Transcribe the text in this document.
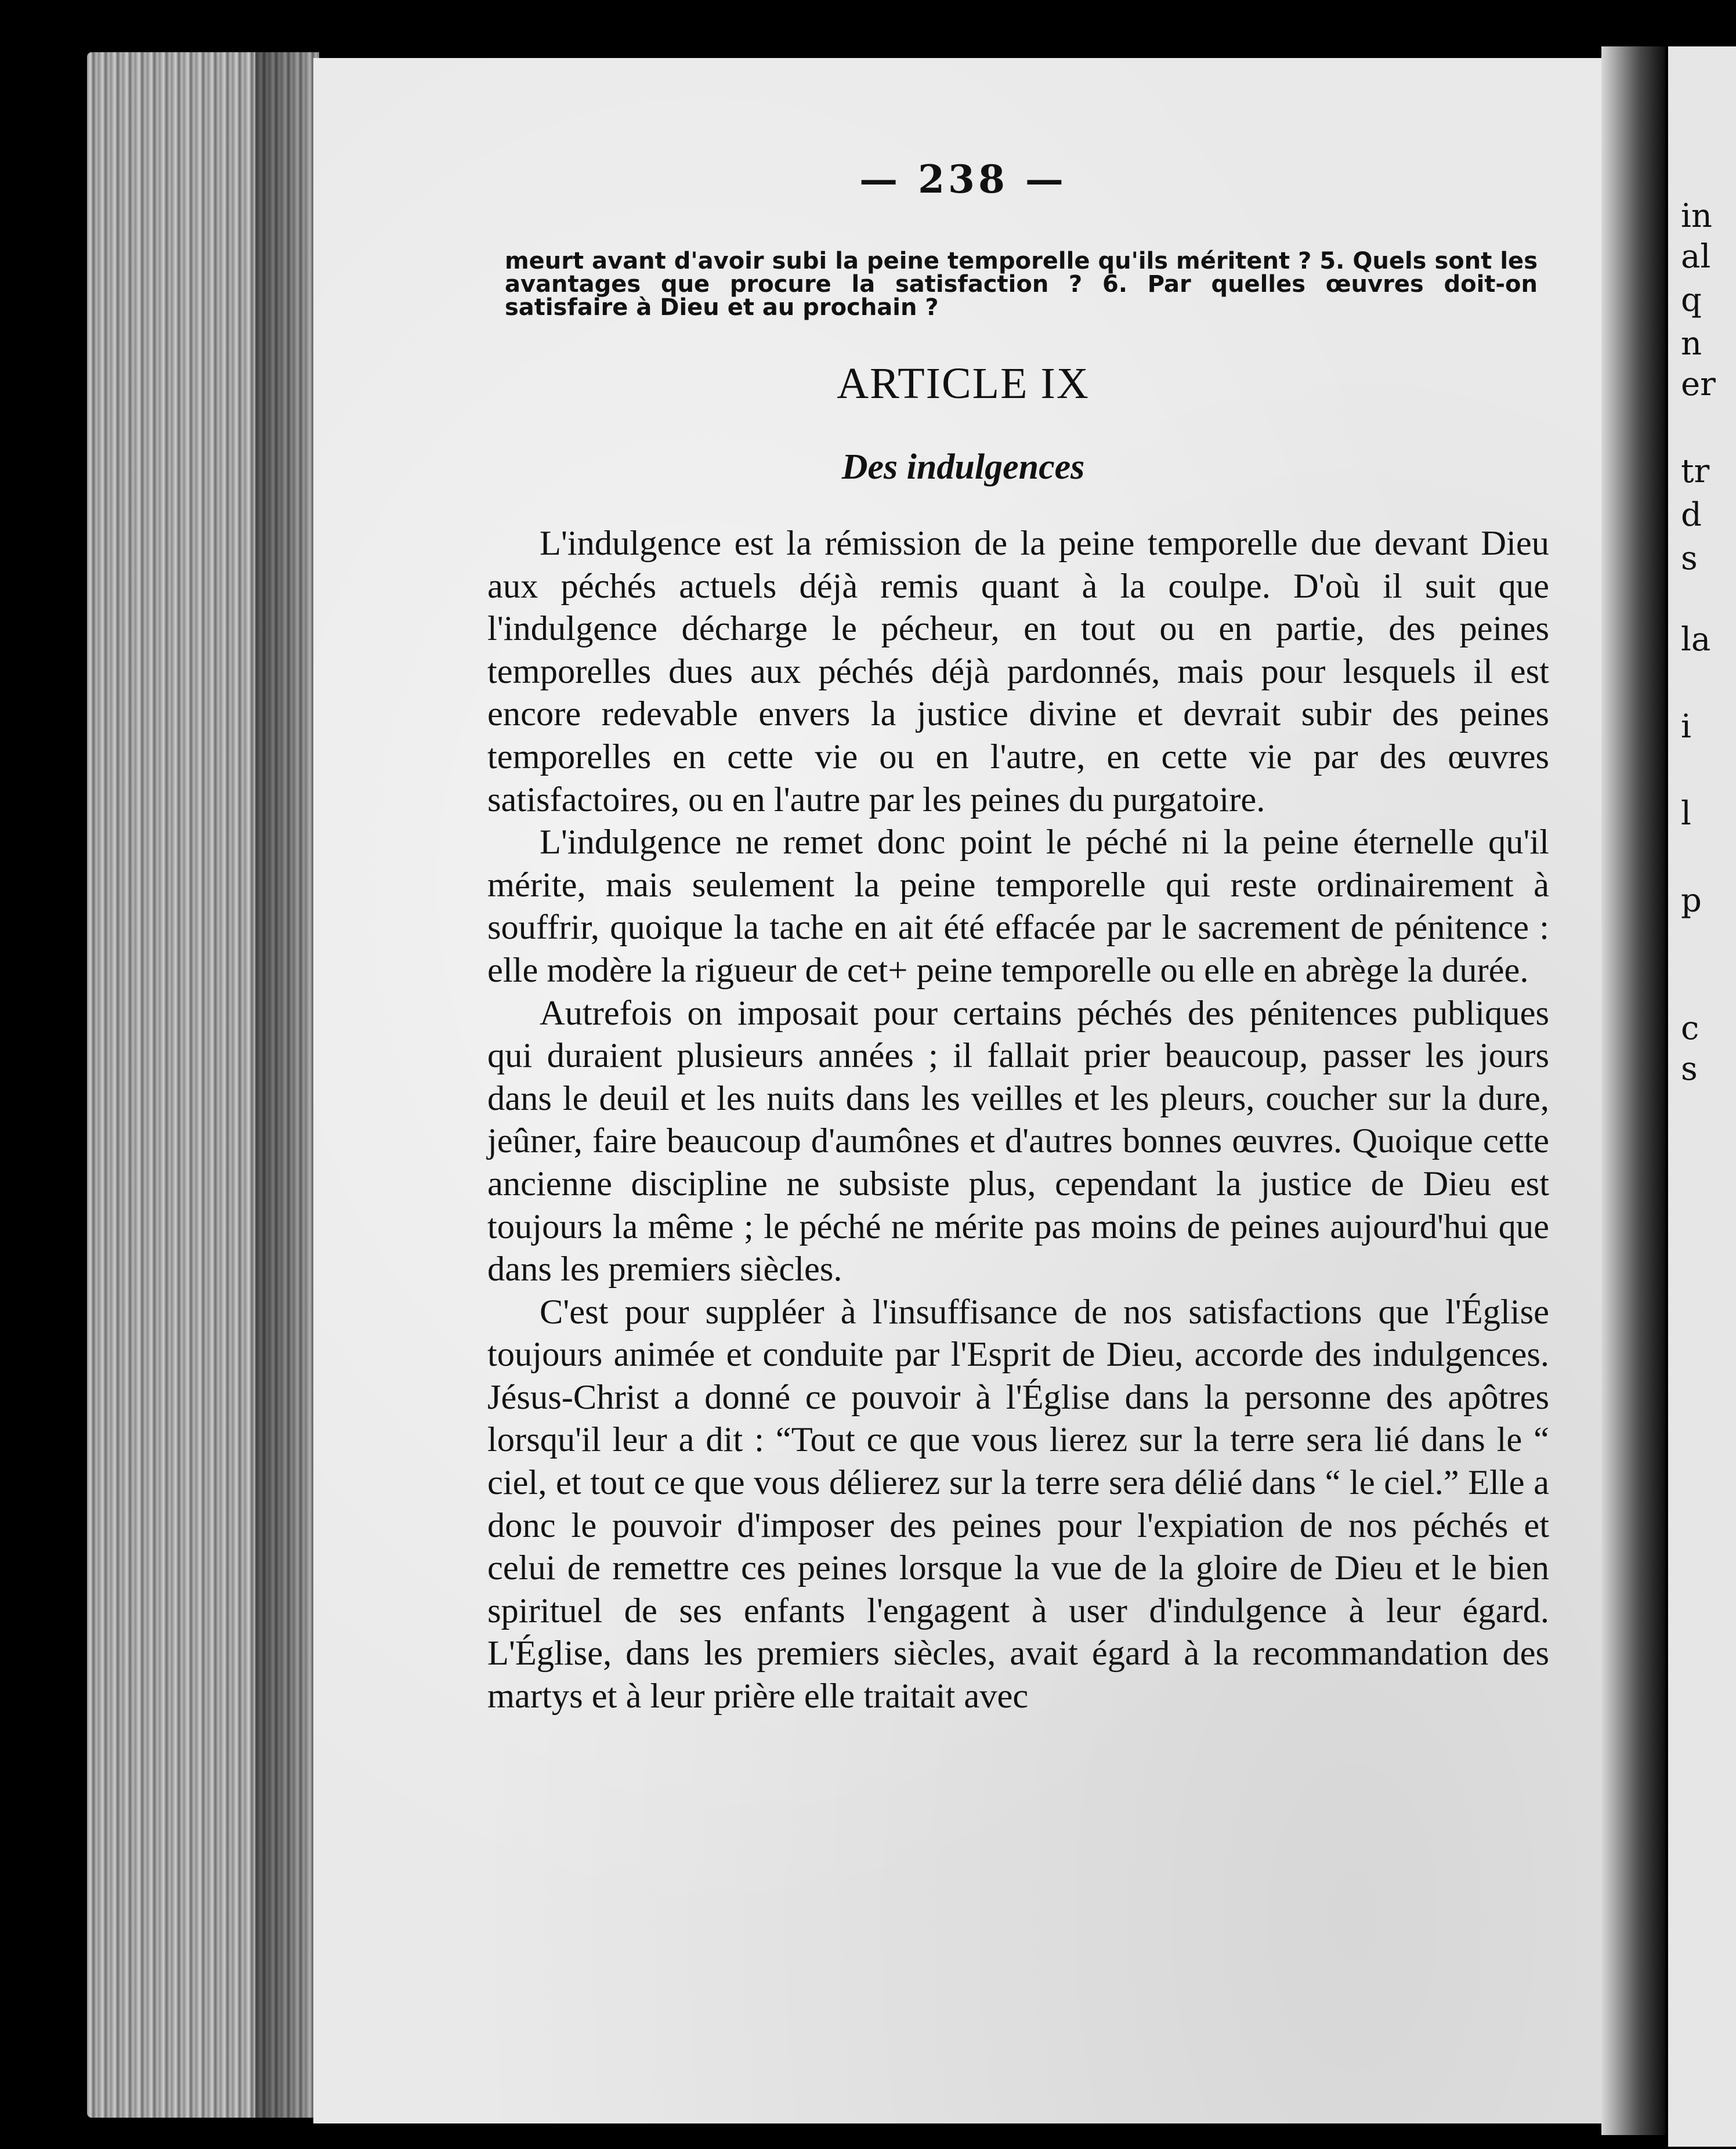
in
al
q
n
er
tr
d
s
la
i
l
p
c
s
— 238 —
meurt avant d'avoir subi la peine temporelle qu'ils méritent ? 5. Quels sont les avantages que procure la satisfaction ? 6. Par quelles œuvres doit-on satisfaire à Dieu et au prochain ?
ARTICLE IX
Des indulgences

L'indulgence est la rémission de la peine temporelle due devant Dieu aux péchés actuels déjà remis quant à la coulpe. D'où il suit que l'indulgence décharge le pécheur, en tout ou en partie, des peines temporelles dues aux péchés déjà pardonnés, mais pour lesquels il est encore redevable envers la justice divine et devrait subir des peines temporelles en cette vie ou en l'autre, en cette vie par des œuvres satisfactoires, ou en l'autre par les peines du purgatoire.

L'indulgence ne remet donc point le péché ni la peine éternelle qu'il mérite, mais seulement la peine temporelle qui reste ordinairement à souffrir, quoique la tache en ait été effacée par le sacrement de pénitence : elle modère la rigueur de cet+ peine temporelle ou elle en abrège la durée.

Autrefois on imposait pour certains péchés des pénitences publiques qui duraient plusieurs années ; il fallait prier beaucoup, passer les jours dans le deuil et les nuits dans les veilles et les pleurs, coucher sur la dure, jeûner, faire beaucoup d'aumônes et d'autres bonnes œuvres. Quoique cette ancienne discipline ne subsiste plus, cependant la justice de Dieu est toujours la même ; le péché ne mérite pas moins de peines aujourd'hui que dans les premiers siècles.

C'est pour suppléer à l'insuffisance de nos satisfactions que l'Église toujours animée et conduite par l'Esprit de Dieu, accorde des indulgences. Jésus-Christ a donné ce pouvoir à l'Église dans la personne des apôtres lorsqu'il leur a dit : “Tout ce que vous lierez sur la terre sera lié dans le “ ciel, et tout ce que vous délierez sur la terre sera délié dans “ le ciel.” Elle a donc le pouvoir d'imposer des peines pour l'expiation de nos péchés et celui de remettre ces peines lorsque la vue de la gloire de Dieu et le bien spirituel de ses enfants l'engagent à user d'indulgence à leur égard. L'Église, dans les premiers siècles, avait égard à la recommandation des martys et à leur prière elle traitait avec
